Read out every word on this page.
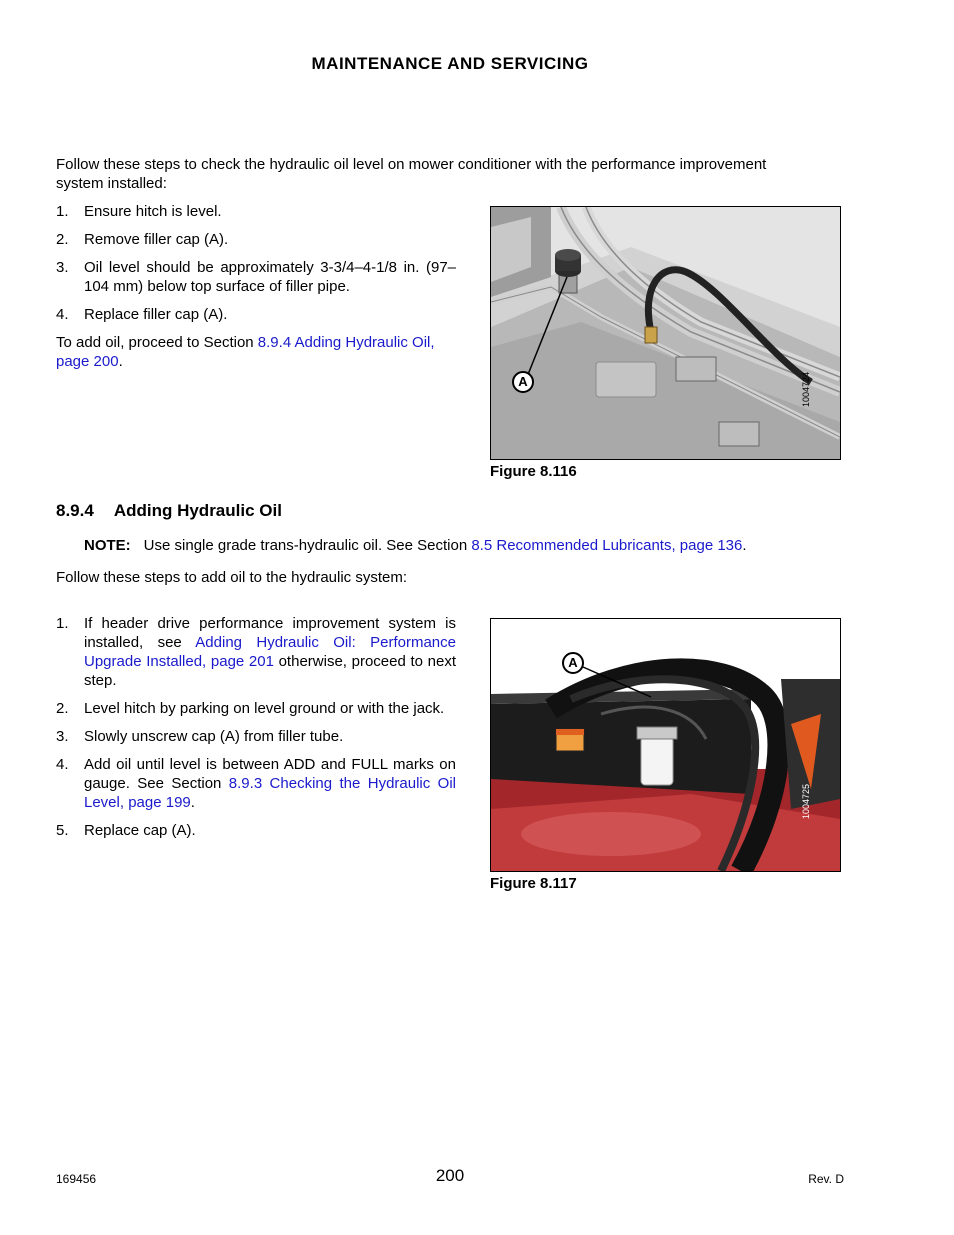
MAINTENANCE AND SERVICING
Follow these steps to check the hydraulic oil level on mower conditioner with the performance improvement system installed:
1. Ensure hitch is level.
2. Remove filler cap (A).
3. Oil level should be approximately 3-3/4–4-1/8 in. (97–104 mm) below top surface of filler pipe.
4. Replace filler cap (A).
To add oil, proceed to Section 8.9.4 Adding Hydraulic Oil, page 200.
A	1004724
Figure 8.116
8.9.4 Adding Hydraulic Oil
NOTE: Use single grade trans-hydraulic oil. See Section 8.5 Recommended Lubricants, page 136.
Follow these steps to add oil to the hydraulic system:
1. If header drive performance improvement system is installed, see Adding Hydraulic Oil: Performance Upgrade Installed, page 201 otherwise, proceed to next step.
2. Level hitch by parking on level ground or with the jack.
3. Slowly unscrew cap (A) from filler tube.
4. Add oil until level is between ADD and FULL marks on gauge. See Section 8.9.3 Checking the Hydraulic Oil Level, page 199.
5. Replace cap (A).
A
1004725
Figure 8.117
169456	200	Rev. D
